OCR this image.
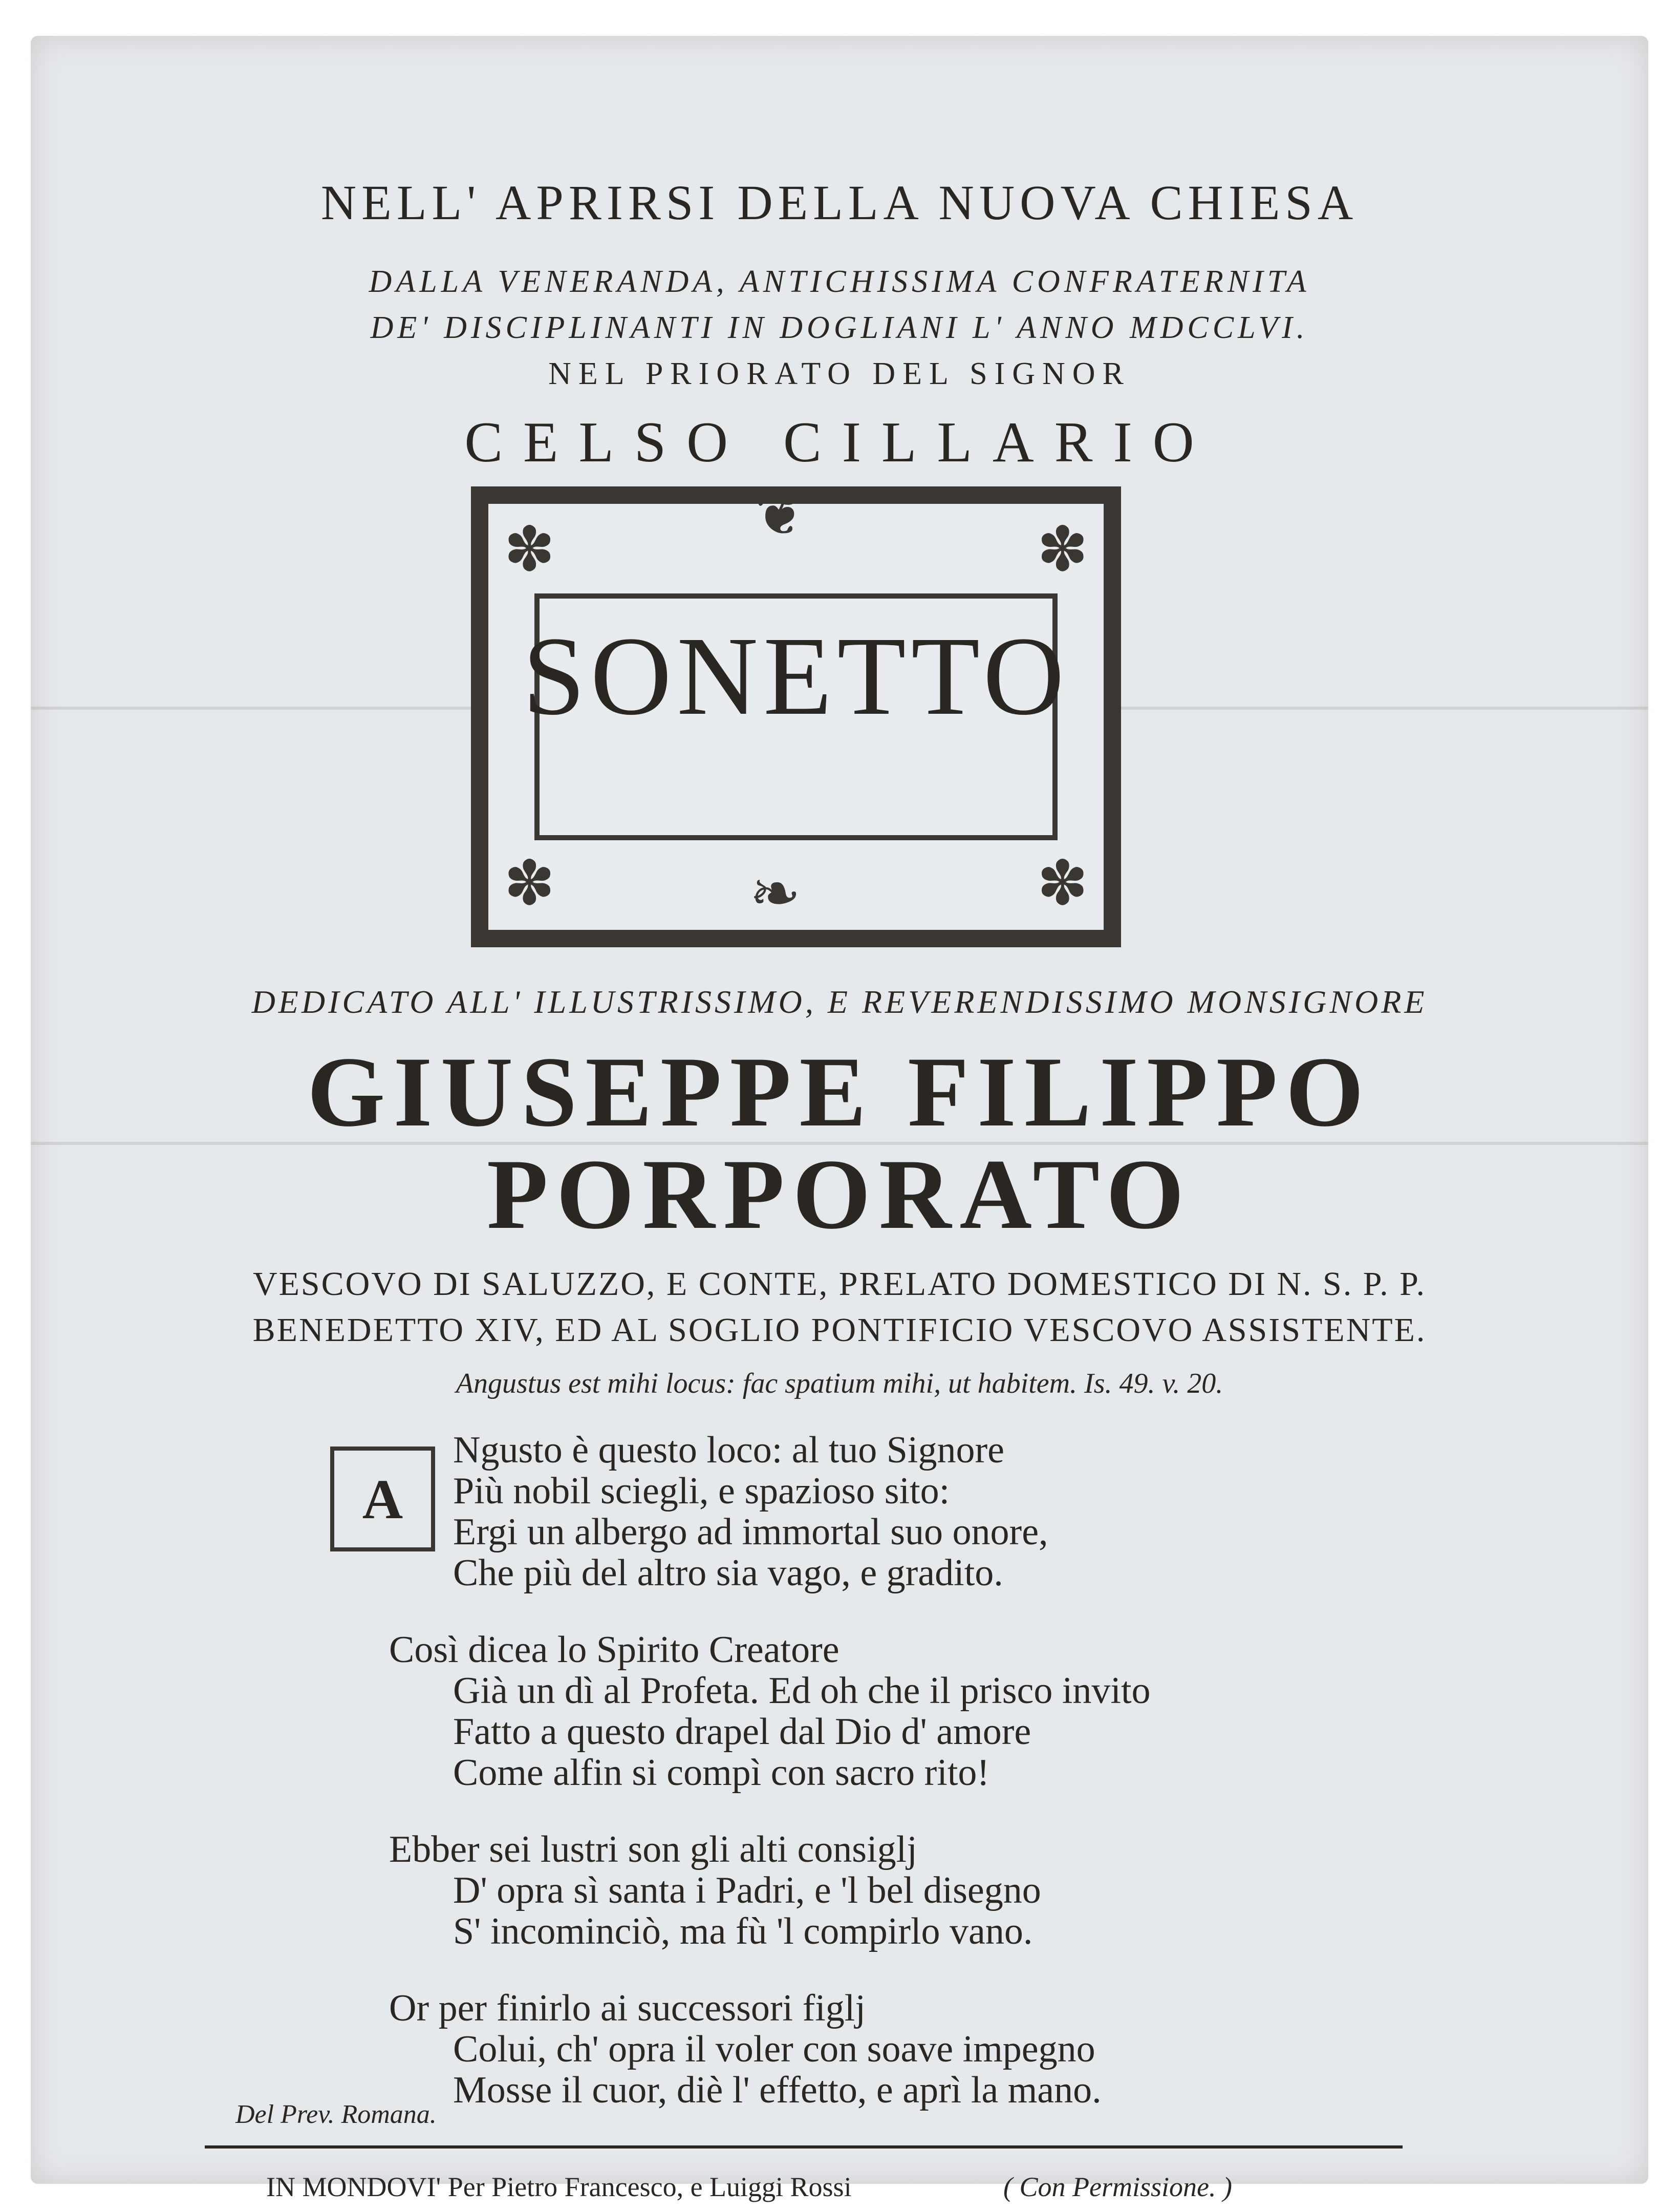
NELL' APRIRSI DELLA NUOVA CHIESA
DALLA VENERANDA, ANTICHISSIMA CONFRATERNITA
DE' DISCIPLINANTI IN DOGLIANI L' ANNO MDCCLVI.
NEL PRIORATO DEL SIGNOR
CELSO CILLARIO
❦
✽	✽
✽	✽
❧
SONETTO
DEDICATO ALL' ILLUSTRISSIMO, E REVERENDISSIMO MONSIGNORE
GIUSEPPE FILIPPO
PORPORATO
VESCOVO DI SALUZZO, E CONTE, PRELATO DOMESTICO DI N. S. P. P.
BENEDETTO XIV, ED AL SOGLIO PONTIFICIO VESCOVO ASSISTENTE.
Angustus est mihi locus: fac spatium mihi, ut habitem. Is. 49. v. 20.
A
Ngusto è questo loco: al tuo Signore
Più nobil sciegli, e spazioso sito:
Ergi un albergo ad immortal suo onore,
Che più del altro sia vago, e gradito.
Così dicea lo Spirito Creatore
Già un dì al Profeta. Ed oh che il prisco invito
Fatto a questo drapel dal Dio d' amore
Come alfin si compì con sacro rito!
Ebber sei lustri son gli alti consiglj
D' opra sì santa i Padri, e 'l bel disegno
S' incominciò, ma fù 'l compirlo vano.
Or per finirlo ai successori figlj
Colui, ch' opra il voler con soave impegno
Mosse il cuor, diè l' effetto, e aprì la mano.
Del Prev. Romana.
IN MONDOVI' Per Pietro Francesco, e Luiggi Rossi	( Con Permissione. )
